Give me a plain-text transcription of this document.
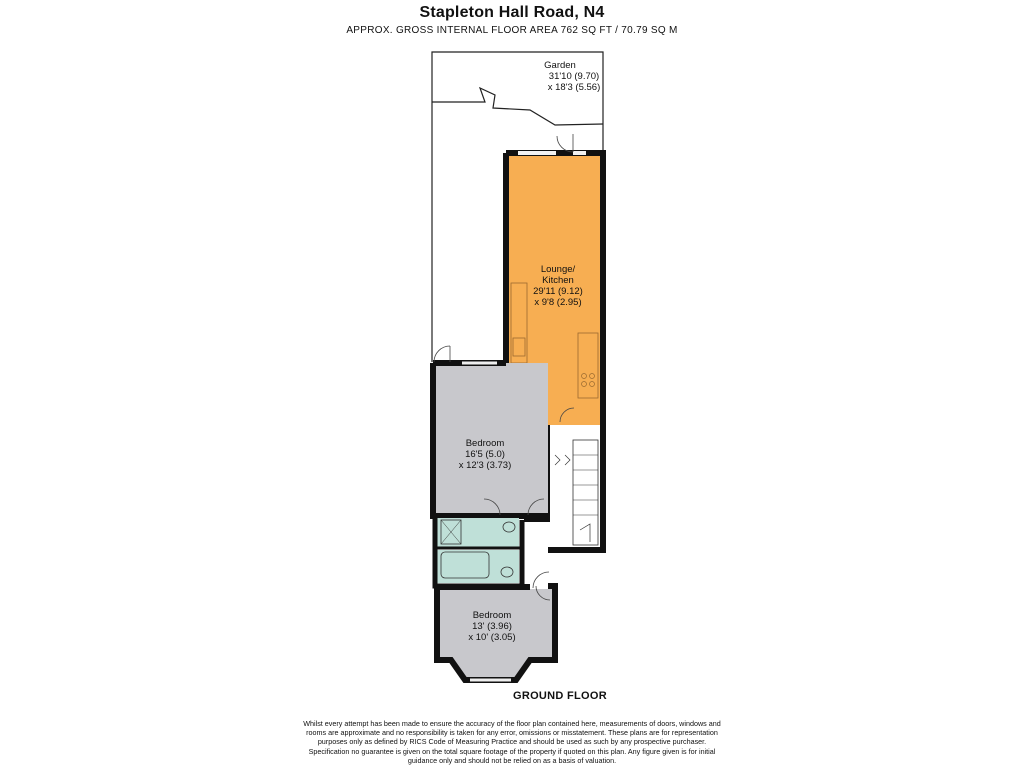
Stapleton Hall Road, N4
APPROX. GROSS INTERNAL FLOOR AREA 762 SQ FT / 70.79 SQ M
Garden
31'10 (9.70)
x 18'3 (5.56)
Lounge/
Kitchen
29'11 (9.12)
x 9'8 (2.95)
Bedroom
16'5 (5.0)
x 12'3 (3.73)
Bedroom
13' (3.96)
x 10' (3.05)
GROUND FLOOR
Whilst every attempt has been made to ensure the accuracy of the floor plan contained here, measurements of doors, windows and
rooms are approximate and no responsibility is taken for any error, omissions or misstatement. These plans are for representation
purposes only as defined by RICS Code of Measuring Practice and should be used as such by any prospective purchaser.
Specification no guarantee is given on the total square footage of the property if quoted on this plan. Any figure given is for initial
guidance only and should not be relied on as a basis of valuation.
